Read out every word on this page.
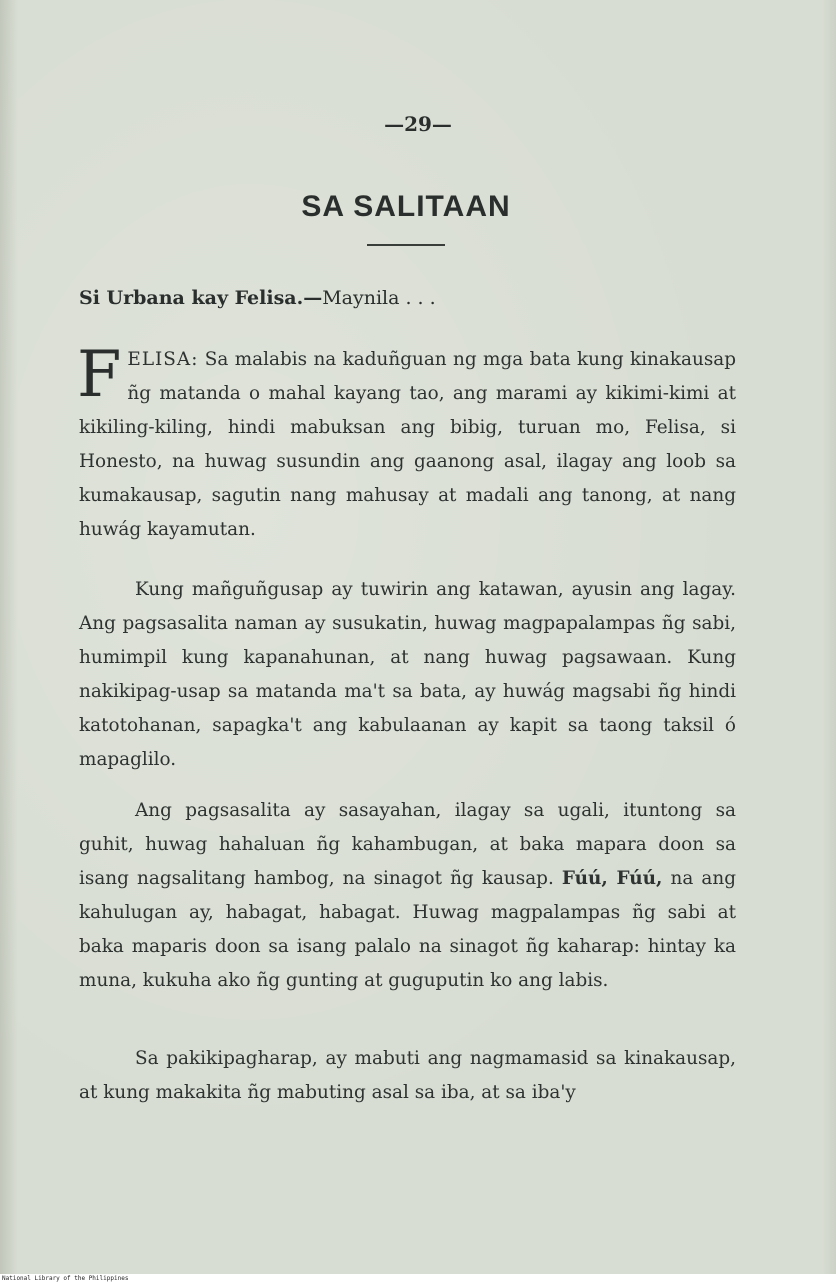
—29—
SA SALITAAN
Si Urbana kay Felisa.—Maynila . . .
FELISA: Sa malabis na kaduñguan ng mga bata kung kinakausap ñg matanda o mahal kayang tao, ang marami ay kikimi-kimi at kikiling-kiling, hindi mabuksan ang bibig, turuan mo, Felisa, si Honesto, na huwag susundin ang gaanong asal, ilagay ang loob sa kumakausap, sagutin nang mahusay at madali ang tanong, at nang huwág kayamutan.
Kung mañguñgusap ay tuwirin ang katawan, ayusin ang lagay. Ang pagsasalita naman ay susukatin, huwag magpapalampas ñg sabi, humimpil kung kapanahunan, at nang huwag pagsawaan. Kung nakikipag-usap sa matanda ma't sa bata, ay huwág magsabi ñg hindi katotohanan, sapagka't ang kabulaanan ay kapit sa taong taksil ó mapaglilo.
Ang pagsasalita ay sasayahan, ilagay sa ugali, ituntong sa guhit, huwag hahaluan ñg kahambugan, at baka mapara doon sa isang nagsalitang hambog, na sinagot ñg kausap. Fúú, Fúú, na ang kahulugan ay, habagat, habagat. Huwag magpalampas ñg sabi at baka maparis doon sa isang palalo na sinagot ñg kaharap: hintay ka muna, kukuha ako ñg gunting at guguputin ko ang labis.
Sa pakikipagharap, ay mabuti ang nagmamasid sa kinakausap, at kung makakita ñg mabuting asal sa iba, at sa iba'y
National Library of the Philippines
